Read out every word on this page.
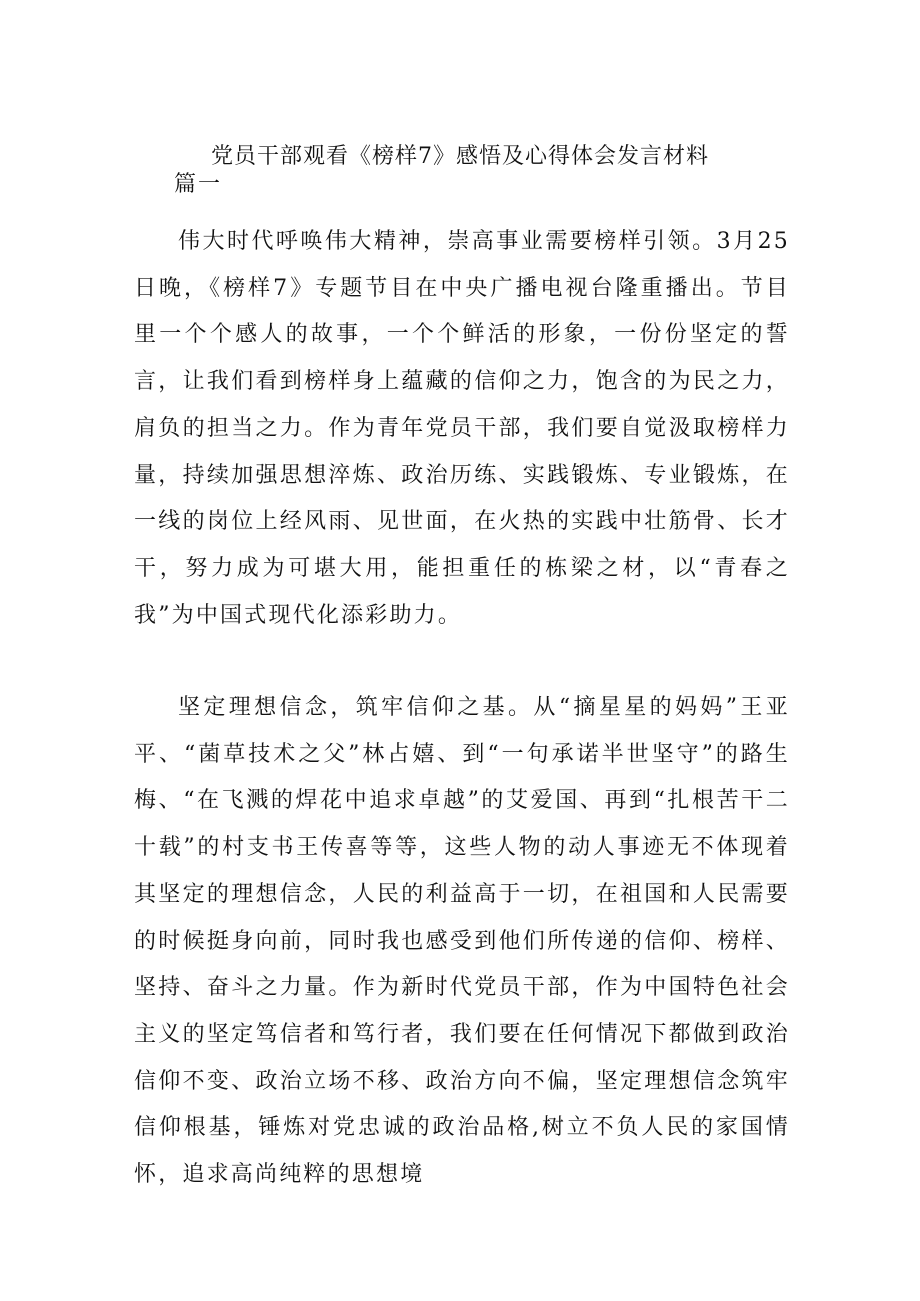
党员干部观看《榜样7》感悟及心得体会发言材料
篇一

伟大时代呼唤伟大精神，崇高事业需要榜样引领。3月25日晚，《榜样7》专题节目在中央广播电视台隆重播出。节目里一个个感人的故事，一个个鲜活的形象，一份份坚定的誓言，让我们看到榜样身上蕴藏的信仰之力，饱含的为民之力，肩负的担当之力。作为青年党员干部，我们要自觉汲取榜样力量，持续加强思想淬炼、政治历练、实践锻炼、专业锻炼，在一线的岗位上经风雨、见世面，在火热的实践中壮筋骨、长才干，努力成为可堪大用，能担重任的栋梁之材，以“青春之我”为中国式现代化添彩助力。

坚定理想信念，筑牢信仰之基。从“摘星星的妈妈”王亚平、“菌草技术之父”林占嬉、到“一句承诺半世坚守”的路生梅、“在飞溅的焊花中追求卓越”的艾爱国、再到“扎根苦干二十载”的村支书王传喜等等，这些人物的动人事迹无不体现着其坚定的理想信念，人民的利益高于一切，在祖国和人民需要的时候挺身向前，同时我也感受到他们所传递的信仰、榜样、坚持、奋斗之力量。作为新时代党员干部，作为中国特色社会主义的坚定笃信者和笃行者，我们要在任何情况下都做到政治信仰不变、政治立场不移、政治方向不偏，坚定理想信念筑牢信仰根基，锤炼对党忠诚的政治品格,树立不负人民的家国情怀，追求高尚纯粹的思想境
